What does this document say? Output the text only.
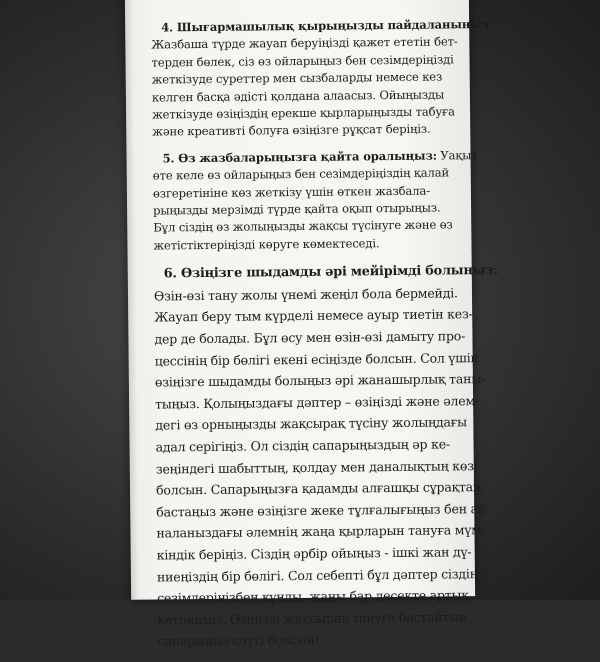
4. Шығармашылық қырыңызды пайдаланыңыз:
Жазбаша түрде жауап беруіңізді қажет ететін бет-
терден бөлек, сіз өз ойларыңыз бен сезімдеріңізді
жеткізуде суреттер мен сызбаларды немесе кез
келген басқа әдісті қолдана алаасыз. Ойыңызды
жеткізуде өзіңіздің ерекше қырларыңызды табуға
және креативті болуға өзіңізге рұқсат беріңіз.
5. Өз жазбаларыңызға қайта оралыңыз: Уақыт
өте келе өз ойларыңыз бен сезімдеріңіздің қалай
өзгеретініне көз жеткізу үшін өткен жазбала-
рыңызды мерзімді түрде қайта оқып отырыңыз.
Бұл сіздің өз жолыңызды жақсы түсінуге және өз
жетістіктеріңізді көруге көмектеседі.
6. Өзіңізге шыдамды әрі мейірімді болыңыз:
Өзін-өзі тану жолы үнемі жеңіл бола бермейді.
Жауап беру тым күрделі немесе ауыр тиетін кез-
дер де болады. Бұл өсу мен өзін-өзі дамыту про-
цессінің бір бөлігі екені есіңізде болсын. Сол үшін
өзіңізге шыдамды болыңыз әрі жанашырлық таны-
тыңыз. Қолыңыздағы дәптер – өзіңізді және әлем-
дегі өз орныңызды жақсырақ түсіну жолыңдағы
адал серігіңіз. Ол сіздің сапарыңыздың әр ке-
зеңіндегі шабыттың, қолдау мен даналықтың көзі
болсын. Сапарыңызға қадамды алғашқы сұрақтан
бастаңыз және өзіңізге жеке тұлғалығыңыз бен ай-
наланыздағы әлемнің жаңа қырларын тануға мүм-
кіндік беріңіз. Сіздің әрбір ойыңыз - ішкі жан дү-
ниеңіздің бір бөлігі. Сол себепті бұл дәптер сіздің
сезімдеріңізбен құнды, жаны бар десекте артық
кетпейміз. Өзіңізді жақсырақ тануға бастайтын
сапарыңыз сәтті болсын!
